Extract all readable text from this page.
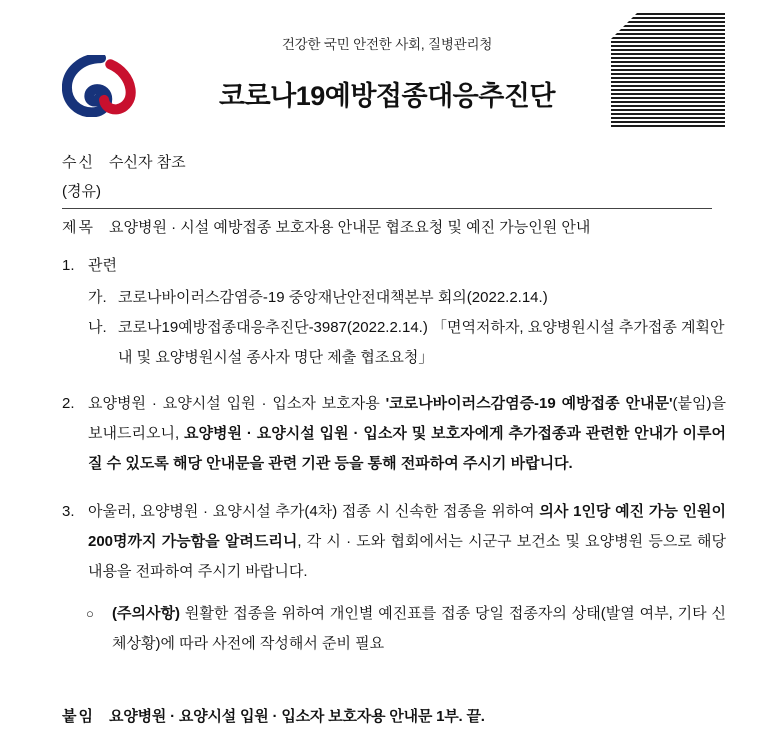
건강한 국민 안전한 사회, 질병관리청
코로나19예방접종대응추진단
수신 수신자 참조
(경유)
제목 요양병원 · 시설 예방접종 보호자용 안내문 협조요청 및 예진 가능인원 안내
1. 관련
가. 코로나바이러스감염증-19 중앙재난안전대책본부 회의(2022.2.14.)
나. 코로나19예방접종대응추진단-3987(2022.2.14.) 「면역저하자, 요양병원시설 추가접종 계획안내 및 요양병원시설 종사자 명단 제출 협조요청」
2. 요양병원 · 요양시설 입원 · 입소자 보호자용 '코로나바이러스감염증-19 예방접종 안내문'(붙임)을 보내드리오니, 요양병원 · 요양시설 입원 · 입소자 및 보호자에게 추가접종과 관련한 안내가 이루어질 수 있도록 해당 안내문을 관련 기관 등을 통해 전파하여 주시기 바랍니다.
3. 아울러, 요양병원 · 요양시설 추가(4차) 접종 시 신속한 접종을 위하여 의사 1인당 예진 가능 인원이 200명까지 가능함을 알려드리니, 각 시 · 도와 협회에서는 시군구 보건소 및 요양병원 등으로 해당 내용을 전파하여 주시기 바랍니다.
○	(주의사항) 원활한 접종을 위하여 개인별 예진표를 접종 당일 접종자의 상태(발열 여부, 기타 신체상황)에 따라 사전에 작성해서 준비 필요
붙임 요양병원 · 요양시설 입원 · 입소자 보호자용 안내문 1부. 끝.
